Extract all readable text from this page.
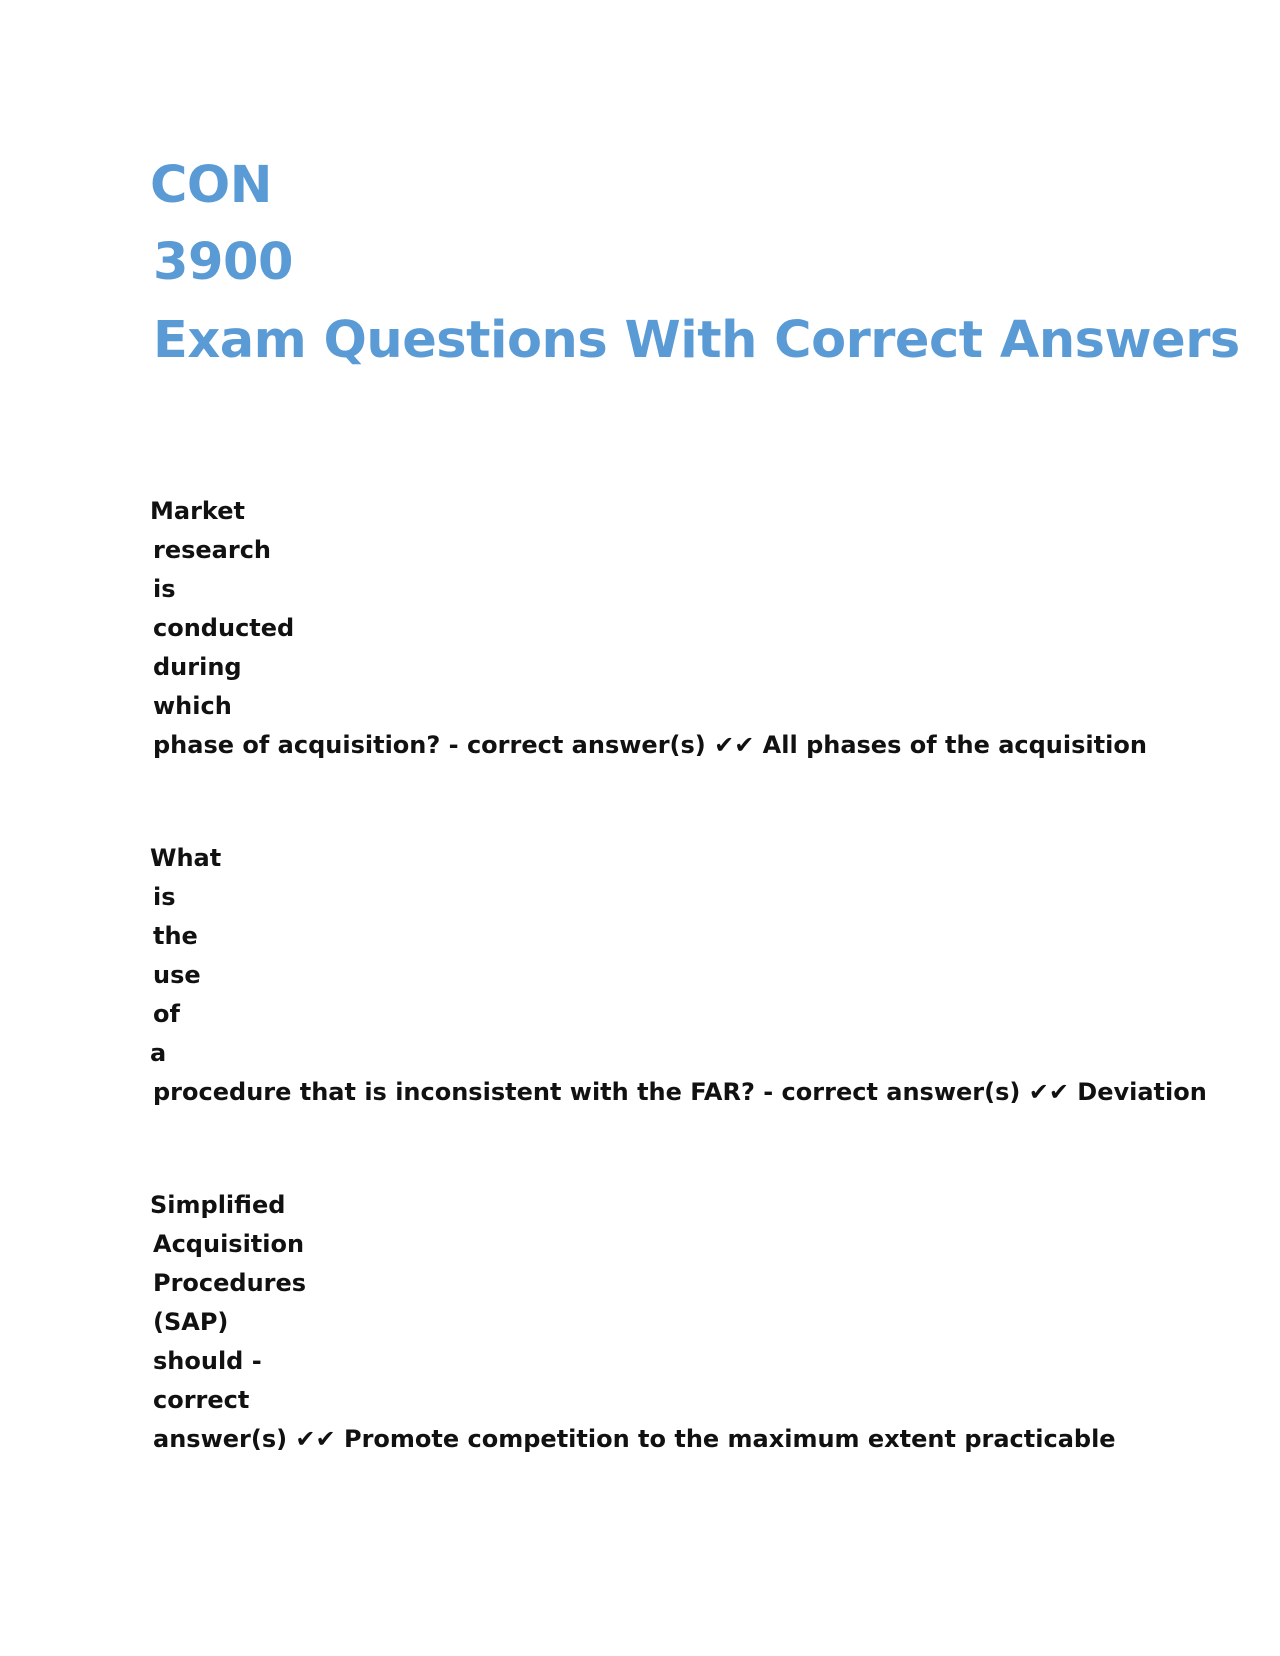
CON
3900
Exam Questions With Correct Answers
Market
research
is
conducted
during
which
phase of acquisition? - correct answer(s) ✔✔ All phases of the acquisition
What
is
the
use
of
a
procedure that is inconsistent with the FAR? - correct answer(s) ✔✔ Deviation
Simplified
Acquisition
Procedures
(SAP)
should -
correct
answer(s) ✔✔ Promote competition to the maximum extent practicable
